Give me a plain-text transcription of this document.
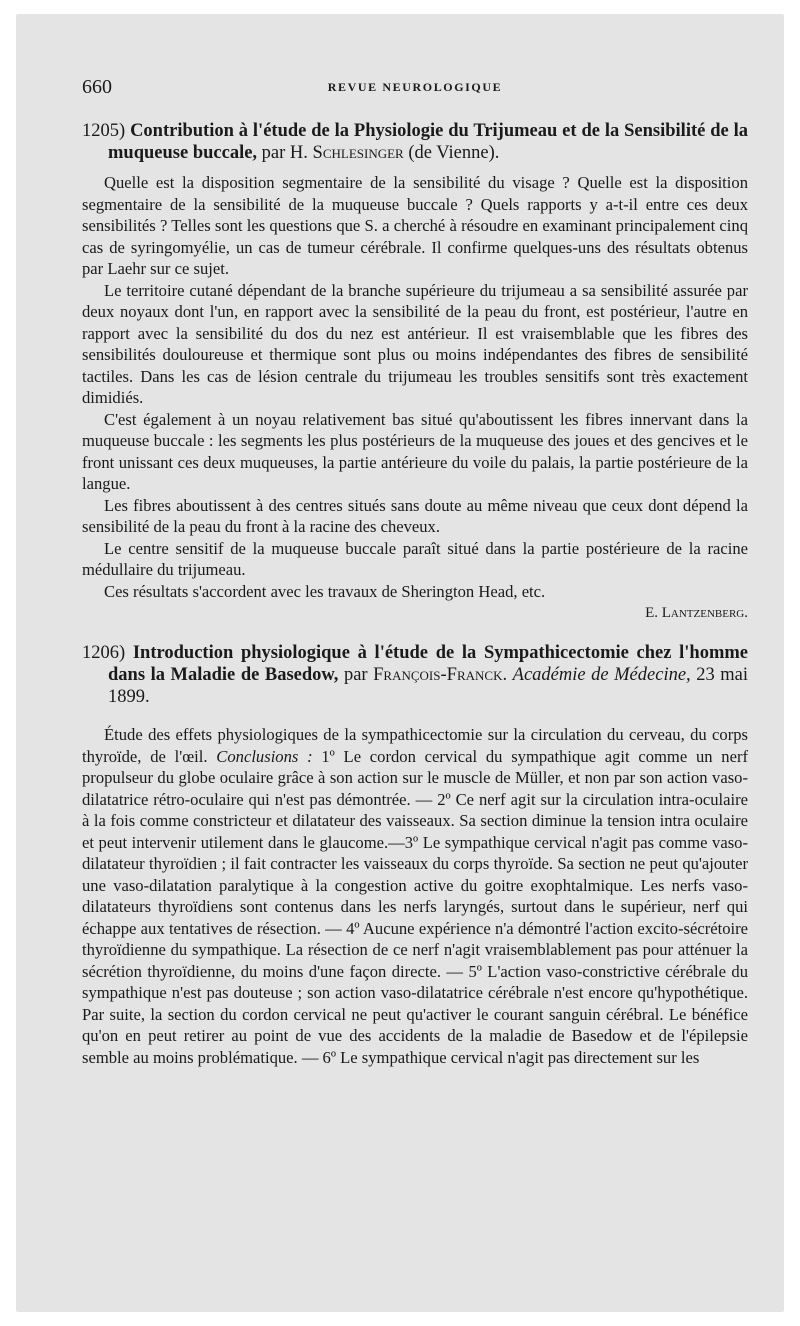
660	REVUE NEUROLOGIQUE
1205) Contribution à l'étude de la Physiologie du Trijumeau et de la Sensibilité de la muqueuse buccale, par H. Schlesinger (de Vienne).

Quelle est la disposition segmentaire de la sensibilité du visage ? Quelle est la disposition segmentaire de la sensibilité de la muqueuse buccale ? Quels rapports y a-t-il entre ces deux sensibilités ? Telles sont les questions que S. a cherché à résoudre en examinant principalement cinq cas de syringomyélie, un cas de tumeur cérébrale. Il confirme quelques-uns des résultats obtenus par Laehr sur ce sujet.

Le territoire cutané dépendant de la branche supérieure du trijumeau a sa sensibilité assurée par deux noyaux dont l'un, en rapport avec la sensibilité de la peau du front, est postérieur, l'autre en rapport avec la sensibilité du dos du nez est antérieur. Il est vraisemblable que les fibres des sensibilités douloureuse et thermique sont plus ou moins indépendantes des fibres de sensibilité tactiles. Dans les cas de lésion centrale du trijumeau les troubles sensitifs sont très exactement dimidiés.

C'est également à un noyau relativement bas situé qu'aboutissent les fibres innervant dans la muqueuse buccale : les segments les plus postérieurs de la muqueuse des joues et des gencives et le front unissant ces deux muqueuses, la partie antérieure du voile du palais, la partie postérieure de la langue.

Les fibres aboutissent à des centres situés sans doute au même niveau que ceux dont dépend la sensibilité de la peau du front à la racine des cheveux.

Le centre sensitif de la muqueuse buccale paraît situé dans la partie postérieure de la racine médullaire du trijumeau.

Ces résultats s'accordent avec les travaux de Sherington Head, etc.

E. Lantzenberg.

1206) Introduction physiologique à l'étude de la Sympathicectomie chez l'homme dans la Maladie de Basedow, par François-Franck. Académie de Médecine, 23 mai 1899.

Étude des effets physiologiques de la sympathicectomie sur la circulation du cerveau, du corps thyroïde, de l'œil. Conclusions : 1º Le cordon cervical du sympathique agit comme un nerf propulseur du globe oculaire grâce à son action sur le muscle de Müller, et non par son action vaso-dilatatrice rétro-oculaire qui n'est pas démontrée. — 2º Ce nerf agit sur la circulation intra-oculaire à la fois comme constricteur et dilatateur des vaisseaux. Sa section diminue la tension intra oculaire et peut intervenir utilement dans le glaucome.—3º Le sympathique cervical n'agit pas comme vaso-dilatateur thyroïdien ; il fait contracter les vaisseaux du corps thyroïde. Sa section ne peut qu'ajouter une vaso-dilatation paralytique à la congestion active du goitre exophtalmique. Les nerfs vaso-dilatateurs thyroïdiens sont contenus dans les nerfs laryngés, surtout dans le supérieur, nerf qui échappe aux tentatives de résection. — 4º Aucune expérience n'a démontré l'action excito-sécrétoire thyroïdienne du sympathique. La résection de ce nerf n'agit vraisemblablement pas pour atténuer la sécrétion thyroïdienne, du moins d'une façon directe. — 5º L'action vaso-constrictive cérébrale du sympathique n'est pas douteuse ; son action vaso-dilatatrice cérébrale n'est encore qu'hypothétique. Par suite, la section du cordon cervical ne peut qu'activer le courant sanguin cérébral. Le bénéfice qu'on en peut retirer au point de vue des accidents de la maladie de Basedow et de l'épilepsie semble au moins problématique. — 6º Le sympathique cervical n'agit pas directement sur les
